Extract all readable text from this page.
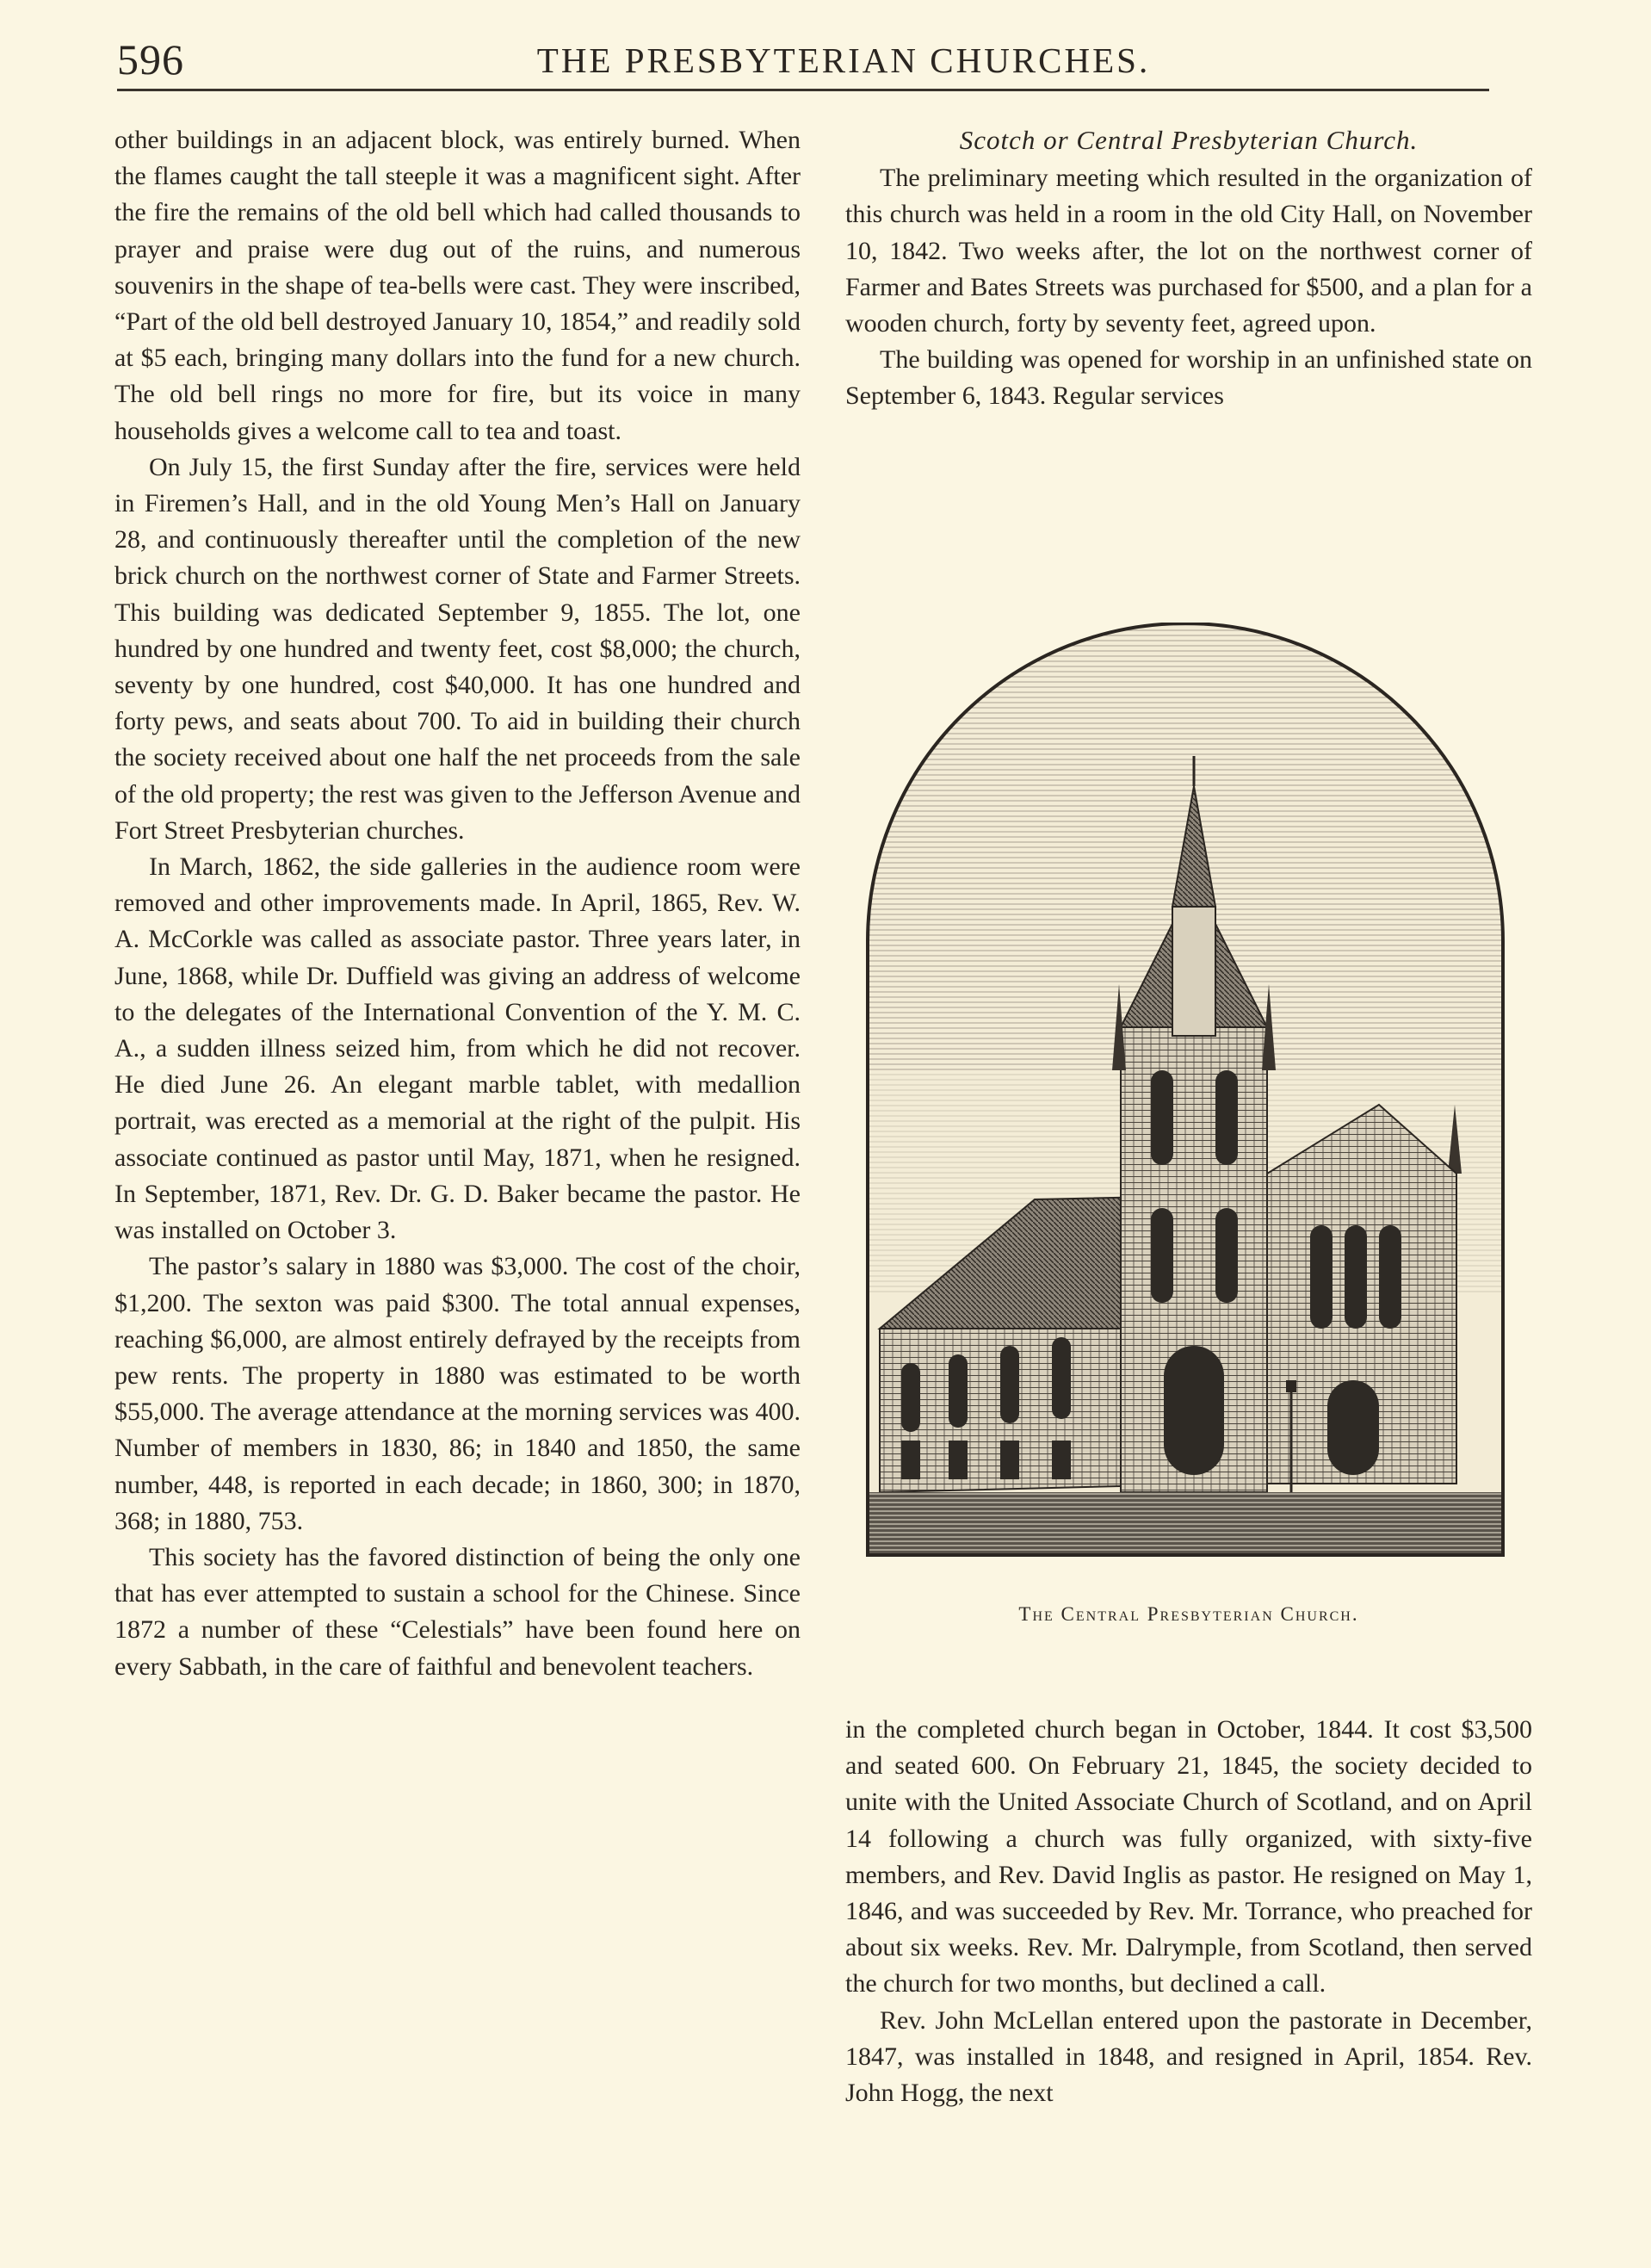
596	THE PRESBYTERIAN CHURCHES.

other buildings in an adjacent block, was entirely burned. When the flames caught the tall steeple it was a magnificent sight. After the fire the remains of the old bell which had called thousands to prayer and praise were dug out of the ruins, and numerous souvenirs in the shape of tea-bells were cast. They were inscribed, “Part of the old bell destroyed January 10, 1854,” and readily sold at $5 each, bringing many dollars into the fund for a new church. The old bell rings no more for fire, but its voice in many households gives a welcome call to tea and toast.

On July 15, the first Sunday after the fire, services were held in Firemen’s Hall, and in the old Young Men’s Hall on January 28, and continuously thereafter until the completion of the new brick church on the northwest corner of State and Farmer Streets. This building was dedicated September 9, 1855. The lot, one hundred by one hundred and twenty feet, cost $8,000; the church, seventy by one hundred, cost $40,000. It has one hundred and forty pews, and seats about 700. To aid in building their church the society received about one half the net proceeds from the sale of the old property; the rest was given to the Jefferson Avenue and Fort Street Presbyterian churches.

In March, 1862, the side galleries in the audience room were removed and other improvements made. In April, 1865, Rev. W. A. McCorkle was called as associate pastor. Three years later, in June, 1868, while Dr. Duffield was giving an address of welcome to the delegates of the International Convention of the Y. M. C. A., a sudden illness seized him, from which he did not recover. He died June 26. An elegant marble tablet, with medallion portrait, was erected as a memorial at the right of the pulpit. His associate continued as pastor until May, 1871, when he resigned. In September, 1871, Rev. Dr. G. D. Baker became the pastor. He was installed on October 3.

The pastor’s salary in 1880 was $3,000. The cost of the choir, $1,200. The sexton was paid $300. The total annual expenses, reaching $6,000, are almost entirely defrayed by the receipts from pew rents. The property in 1880 was estimated to be worth $55,000. The average attendance at the morning services was 400. Number of members in 1830, 86; in 1840 and 1850, the same number, 448, is reported in each decade; in 1860, 300; in 1870, 368; in 1880, 753.

This society has the favored distinction of being the only one that has ever attempted to sustain a school for the Chinese. Since 1872 a number of these “Celestials” have been found here on every Sabbath, in the care of faithful and benevolent teachers.

Scotch or Central Presbyterian Church.

The preliminary meeting which resulted in the organization of this church was held in a room in the old City Hall, on November 10, 1842. Two weeks after, the lot on the northwest corner of Farmer and Bates Streets was purchased for $500, and a plan for a wooden church, forty by seventy feet, agreed upon.

The building was opened for worship in an unfinished state on September 6, 1843. Regular services

The Central Presbyterian Church.

in the completed church began in October, 1844. It cost $3,500 and seated 600. On February 21, 1845, the society decided to unite with the United Associate Church of Scotland, and on April 14 following a church was fully organized, with sixty-five members, and Rev. David Inglis as pastor. He resigned on May 1, 1846, and was succeeded by Rev. Mr. Torrance, who preached for about six weeks. Rev. Mr. Dalrymple, from Scotland, then served the church for two months, but declined a call.

Rev. John McLellan entered upon the pastorate in December, 1847, was installed in 1848, and resigned in April, 1854. Rev. John Hogg, the next
